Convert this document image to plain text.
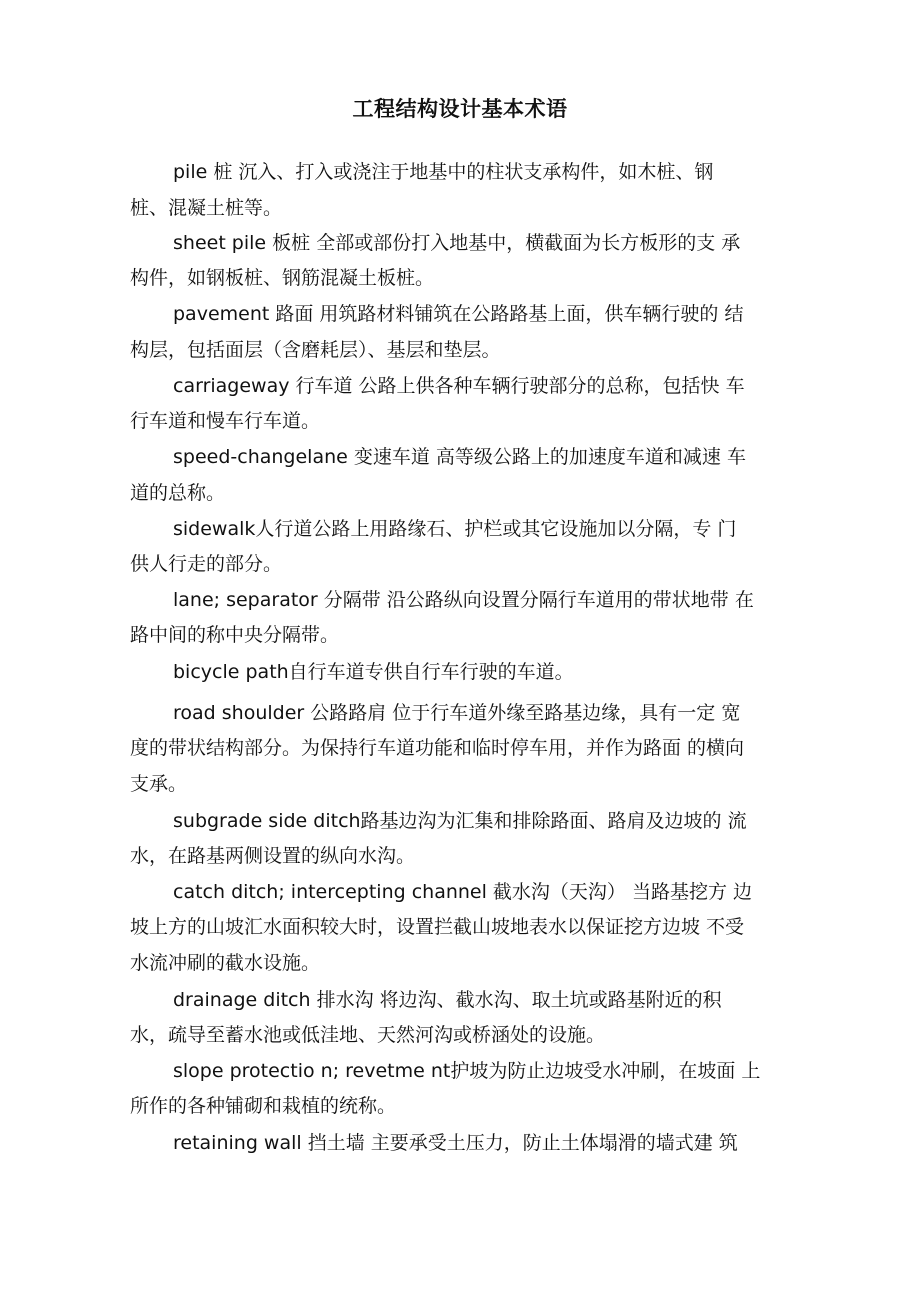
工程结构设计基本术语
pile 桩 沉入、打入或浇注于地基中的柱状支承构件，如木桩、钢
桩、混凝土桩等。
sheet pile 板桩 全部或部份打入地基中，横截面为长方板形的支 承
构件，如钢板桩、钢筋混凝土板桩。
pavement 路面 用筑路材料铺筑在公路路基上面，供车辆行驶的 结
构层，包括面层（含磨耗层）、基层和垫层。
carriageway 行车道 公路上供各种车辆行驶部分的总称，包括快 车
行车道和慢车行车道。
speed-changelane 变速车道 高等级公路上的加速度车道和减速 车
道的总称。
sidewalk人行道公路上用路缘石、护栏或其它设施加以分隔，专 门
供人行走的部分。
lane; separator 分隔带 沿公路纵向设置分隔行车道用的带状地带 在
路中间的称中央分隔带。
bicycle path自行车道专供自行车行驶的车道。
road shoulder 公路路肩 位于行车道外缘至路基边缘，具有一定 宽
度的带状结构部分。为保持行车道功能和临时停车用，并作为路面 的横向
支承。
subgrade side ditch路基边沟为汇集和排除路面、路肩及边坡的 流
水，在路基两侧设置的纵向水沟。
catch ditch; intercepting channel 截水沟（天沟） 当路基挖方 边
坡上方的山坡汇水面积较大时，设置拦截山坡地表水以保证挖方边坡 不受
水流冲刷的截水设施。
drainage ditch 排水沟 将边沟、截水沟、取土坑或路基附近的积
水，疏导至蓄水池或低洼地、天然河沟或桥涵处的设施。
slope protectio n; revetme nt护坡为防止边坡受水冲刷，在坡面 上
所作的各种铺砌和栽植的统称。
retaining wall 挡土墙 主要承受土压力，防止土体塌滑的墙式建 筑
